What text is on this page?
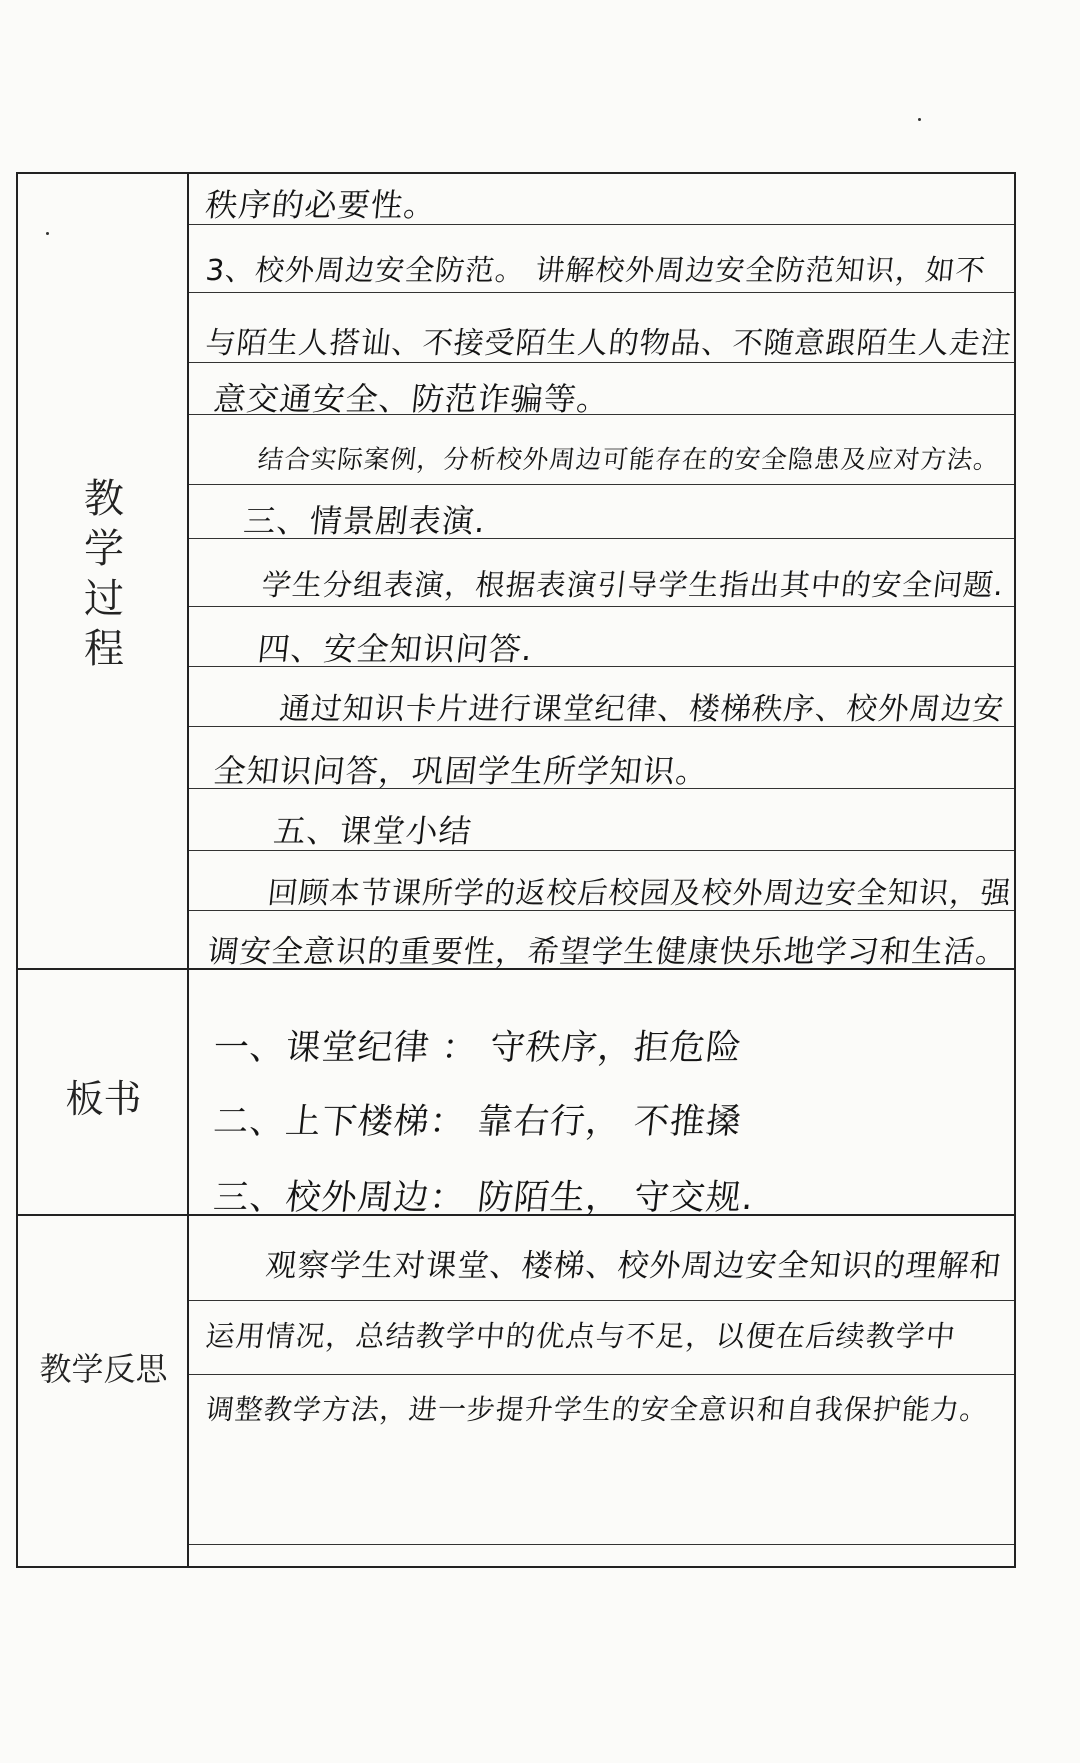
教学过程
板书
教学反思
秩序的必要性。
3、校外周边安全防范。 讲解校外周边安全防范知识，如不
与陌生人搭讪、不接受陌生人的物品、不随意跟陌生人走注
意交通安全、防范诈骗等。
结合实际案例，分析校外周边可能存在的安全隐患及应对方法。
三、情景剧表演.
学生分组表演，根据表演引导学生指出其中的安全问题.
四、安全知识问答.
通过知识卡片进行课堂纪律、楼梯秩序、校外周边安
全知识问答，巩固学生所学知识。
五、课堂小结
回顾本节课所学的返校后校园及校外周边安全知识，强
调安全意识的重要性，希望学生健康快乐地学习和生活。
一、课堂纪律 ： 守秩序，拒危险
二、上下楼梯： 靠右行， 不推搡
三、校外周边： 防陌生， 守交规.
观察学生对课堂、楼梯、校外周边安全知识的理解和
运用情况，总结教学中的优点与不足，以便在后续教学中
调整教学方法，进一步提升学生的安全意识和自我保护能力。
